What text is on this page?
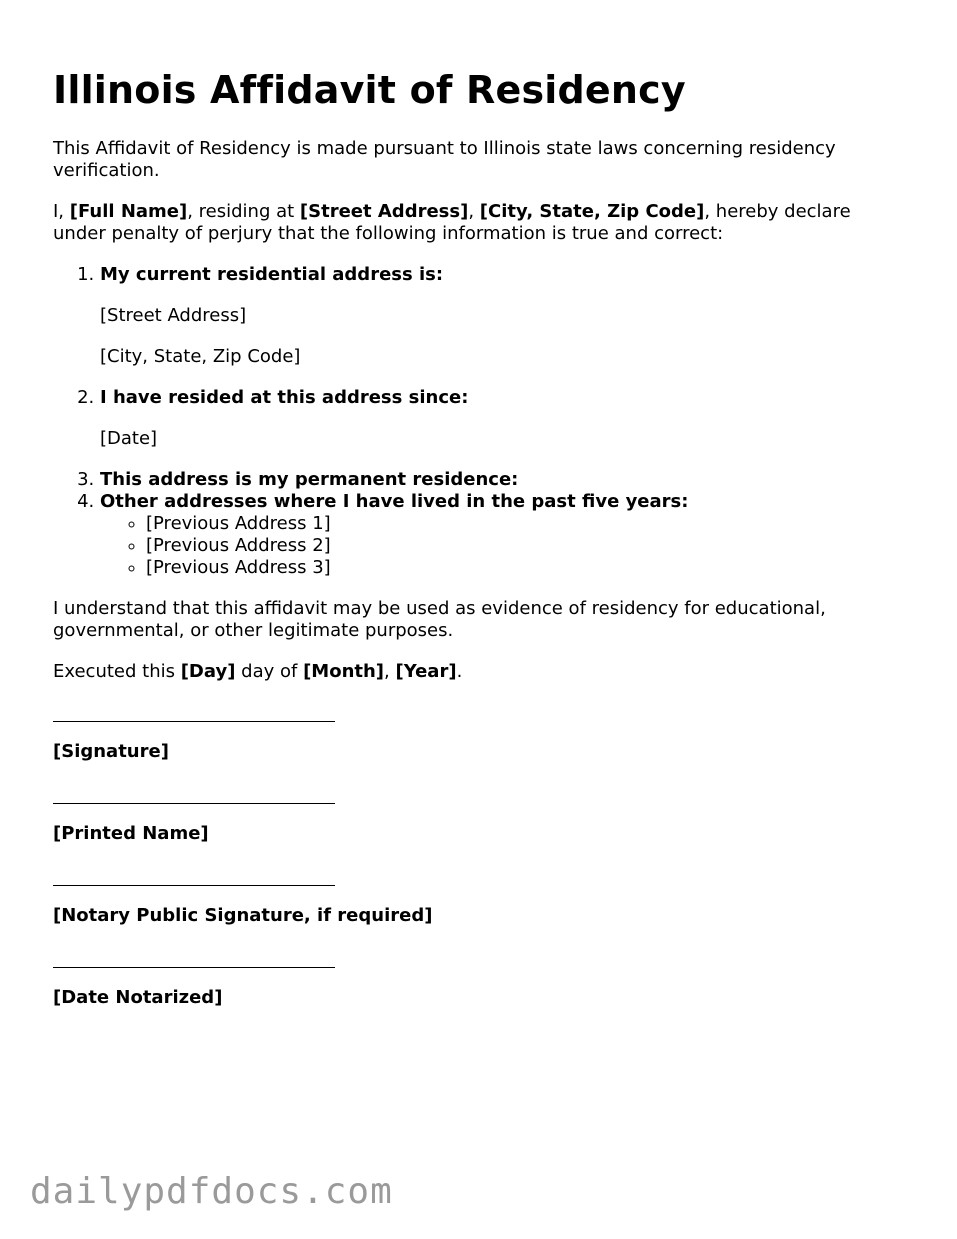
Illinois Affidavit of Residency

This Affidavit of Residency is made pursuant to Illinois state laws concerning residency verification.

I, [Full Name], residing at [Street Address], [City, State, Zip Code], hereby declare under penalty of perjury that the following information is true and correct:

1. My current residential address is:

[Street Address]

[City, State, Zip Code]

2. I have resided at this address since:

[Date]

3. This address is my permanent residence:
4. Other addresses where I have lived in the past five years:
◦ [Previous Address 1]
◦ [Previous Address 2]
◦ [Previous Address 3]

I understand that this affidavit may be used as evidence of residency for educational, governmental, or other legitimate purposes.

Executed this [Day] day of [Month], [Year].

[Signature]

[Printed Name]

[Notary Public Signature, if required]

[Date Notarized]

dailypdfdocs.com
